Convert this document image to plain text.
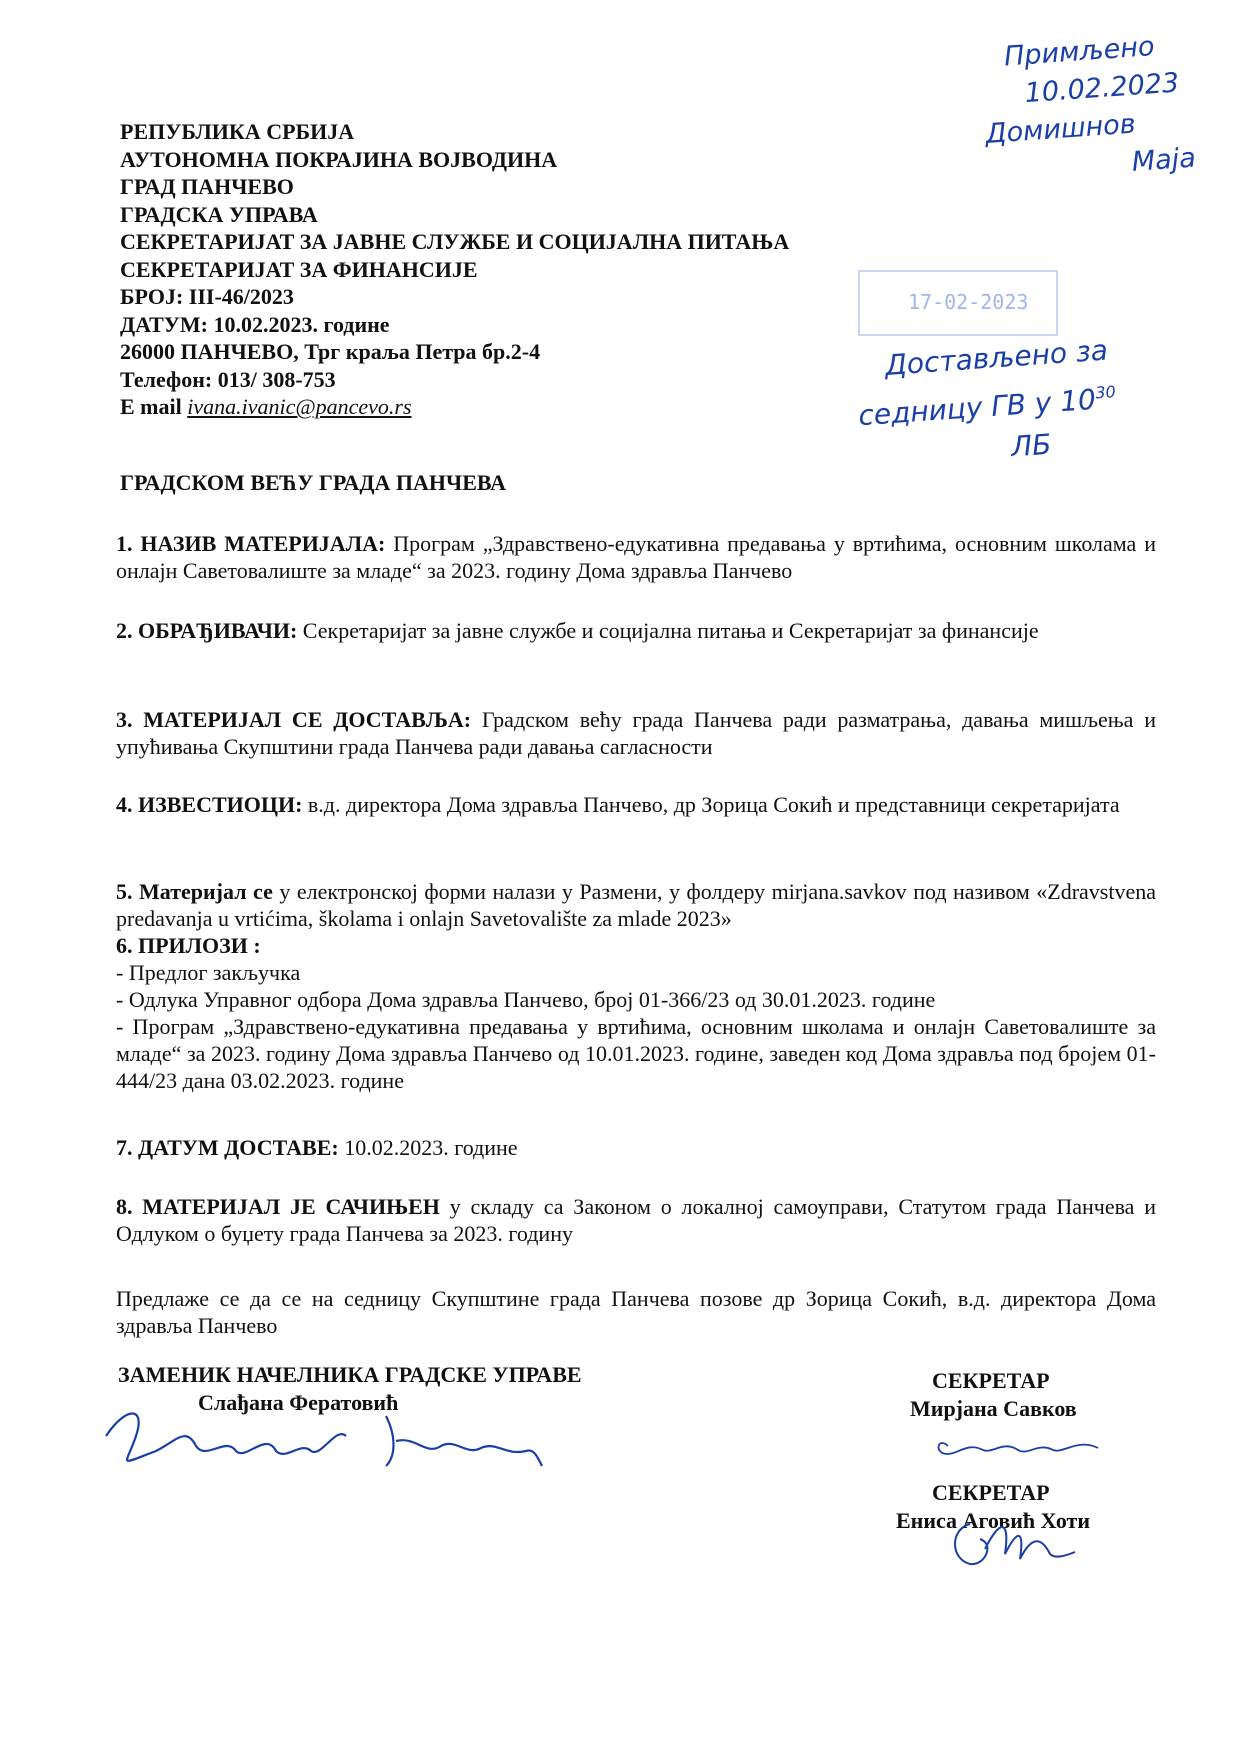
РЕПУБЛИКА СРБИЈА
АУТОНОМНА ПОКРАЈИНА ВОЈВОДИНА
ГРАД ПАНЧЕВО
ГРАДСКА УПРАВА
СЕКРЕТАРИЈАТ ЗА ЈАВНЕ СЛУЖБЕ И СОЦИЈАЛНА ПИТАЊА
СЕКРЕТАРИЈАТ ЗА ФИНАНСИЈЕ
БРОЈ: III-46/2023
ДАТУМ: 10.02.2023. године
26000 ПАНЧЕВО, Трг краља Петра бр.2-4
Телефон: 013/ 308-753
E mail ivana.ivanic@pancevo.rs
Примљено
10.02.2023
Домишнов
Маја
17-02-2023
Достављено за
седницу ГВ у $10^{30}$
ЛБ
ГРАДСКОМ ВЕЋУ ГРАДА ПАНЧЕВА
1. НАЗИВ МАТЕРИЈАЛА: Програм „Здравствено-едукативна предавања у вртићима, основним школама и онлајн Саветовалиште за младе“ за 2023. годину Дома здравља Панчево
2. ОБРАЂИВАЧИ: Секретаријат за јавне службе и социјална питања и Секретаријат за финансије
3. МАТЕРИЈАЛ СЕ ДОСТАВЉА: Градском већу града Панчева ради разматрања, давања мишљења и упућивања Скупштини града Панчева ради давања сагласности
4. ИЗВЕСТИОЦИ: в.д. директора Дома здравља Панчево, др Зорица Сокић и представници секретаријата
5. Материјал се у електронској форми налази у Размени, у фолдеру mirjana.savkov под називом «Zdravstvena predavanja u vrtićima, školama i onlajn Savetovalište za mlade 2023»
6. ПРИЛОЗИ :
- Предлог закључка
- Одлука Управног одбора Дома здравља Панчево, број 01-366/23 од 30.01.2023. године
- Програм „Здравствено-едукативна предавања у вртићима, основним школама и онлајн Саветовалиште за младе“ за 2023. годину Дома здравља Панчево од 10.01.2023. године, заведен код Дома здравља под бројем 01-444/23 дана 03.02.2023. године
7. ДАТУМ ДОСТАВЕ: 10.02.2023. године
8. МАТЕРИЈАЛ ЈЕ САЧИЊЕН у складу са Законом о локалној самоуправи, Статутом града Панчева и Одлуком о буџету града Панчева за 2023. годину
Предлаже се да се на седницу Скупштине града Панчева позове др Зорица Сокић, в.д. директора Дома здравља Панчево
ЗАМЕНИК НАЧЕЛНИКА ГРАДСКЕ УПРАВЕ
Слађана Фератовић
СЕКРЕТАР
Мирјана Савков
СЕКРЕТАР
Ениса Аговић Хоти
